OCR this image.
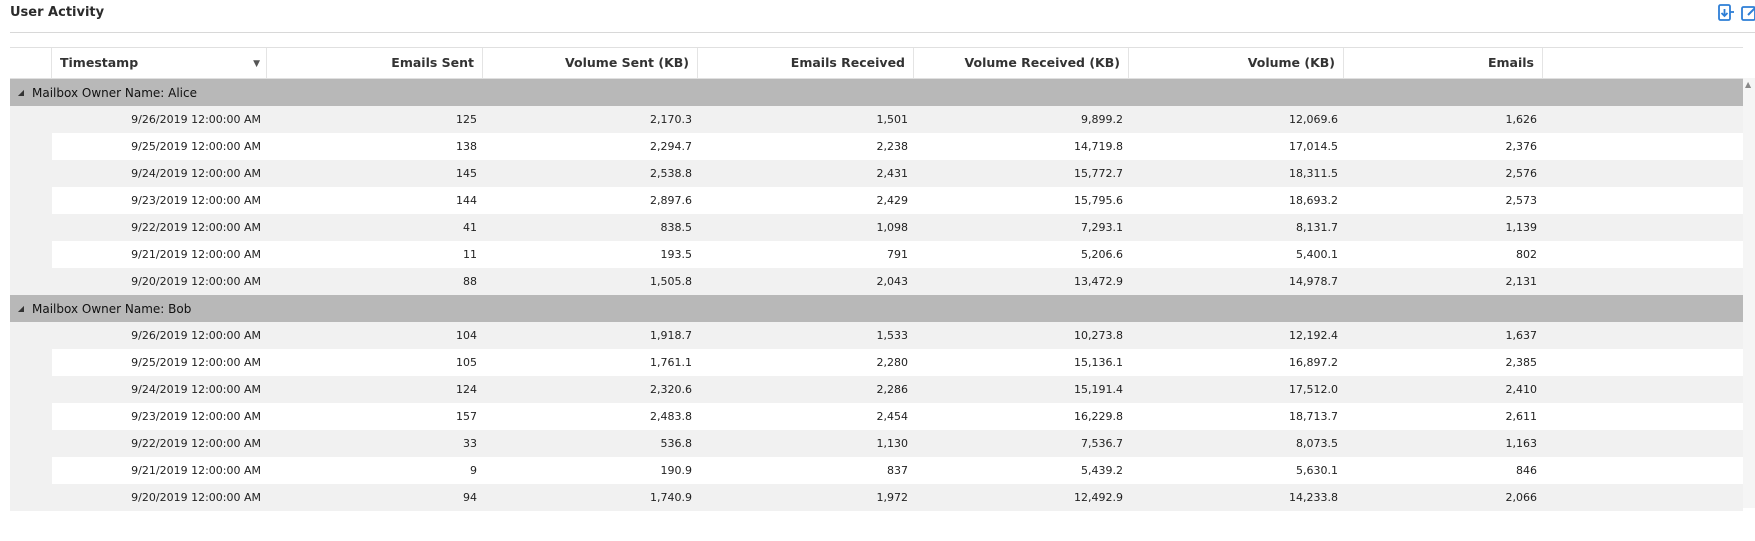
User Activity
Timestamp	▼	Emails Sent	Volume Sent (KB)	Emails Received	Volume Received (KB)	Volume (KB)	Emails
◢ Mailbox Owner Name: Alice
9/26/2019 12:00:00 AM	125	2,170.3	1,501	9,899.2	12,069.6	1,626
9/25/2019 12:00:00 AM	138	2,294.7	2,238	14,719.8	17,014.5	2,376
9/24/2019 12:00:00 AM	145	2,538.8	2,431	15,772.7	18,311.5	2,576
9/23/2019 12:00:00 AM	144	2,897.6	2,429	15,795.6	18,693.2	2,573
9/22/2019 12:00:00 AM	41	838.5	1,098	7,293.1	8,131.7	1,139
9/21/2019 12:00:00 AM	11	193.5	791	5,206.6	5,400.1	802
9/20/2019 12:00:00 AM	88	1,505.8	2,043	13,472.9	14,978.7	2,131
◢ Mailbox Owner Name: Bob
9/26/2019 12:00:00 AM	104	1,918.7	1,533	10,273.8	12,192.4	1,637
9/25/2019 12:00:00 AM	105	1,761.1	2,280	15,136.1	16,897.2	2,385
9/24/2019 12:00:00 AM	124	2,320.6	2,286	15,191.4	17,512.0	2,410
9/23/2019 12:00:00 AM	157	2,483.8	2,454	16,229.8	18,713.7	2,611
9/22/2019 12:00:00 AM	33	536.8	1,130	7,536.7	8,073.5	1,163
9/21/2019 12:00:00 AM	9	190.9	837	5,439.2	5,630.1	846
9/20/2019 12:00:00 AM	94	1,740.9	1,972	12,492.9	14,233.8	2,066
▲
